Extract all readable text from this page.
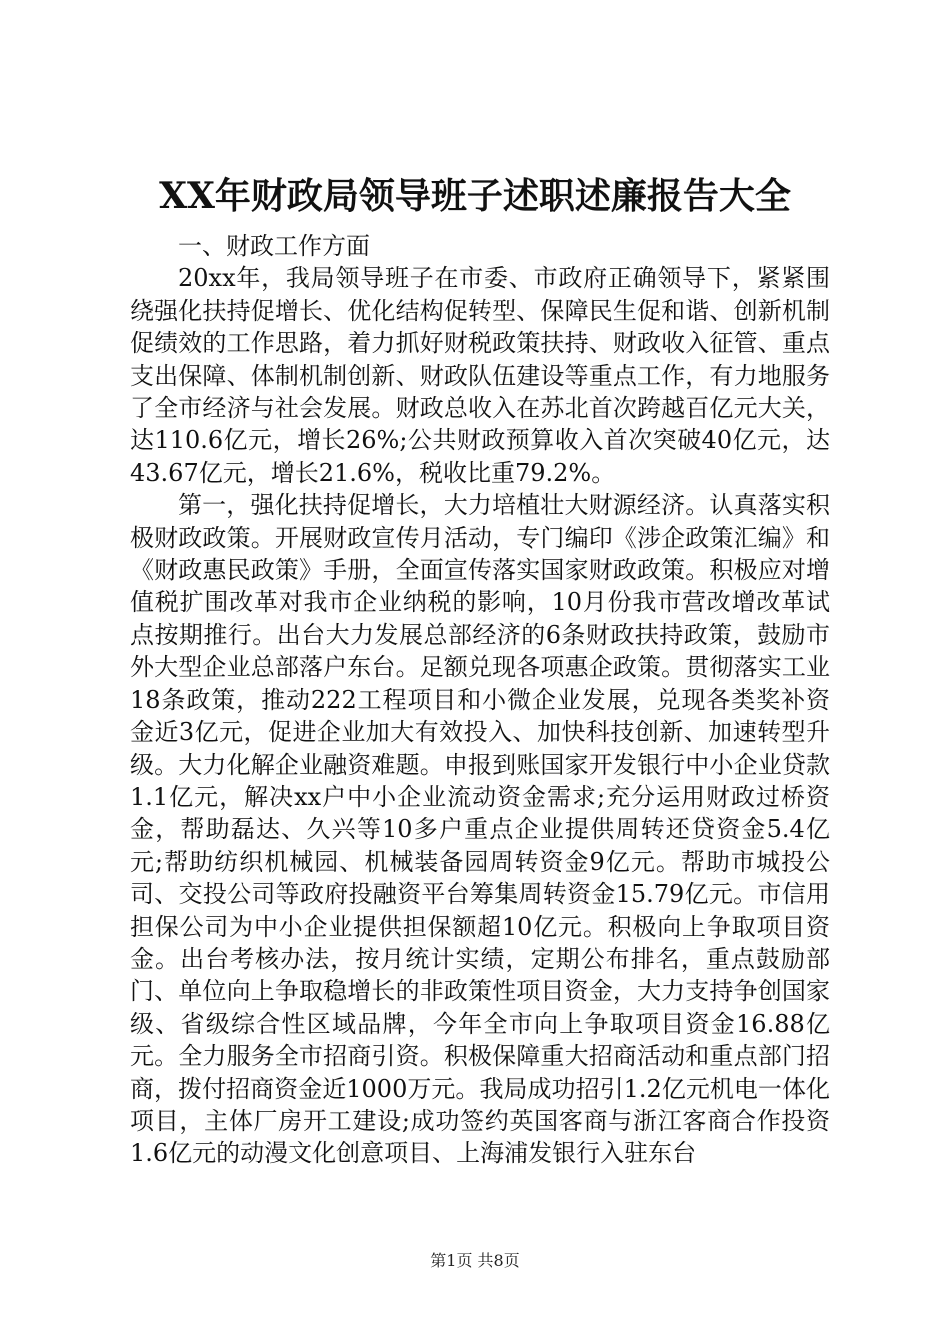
XX年财政局领导班子述职述廉报告大全

一、财政工作方面

20xx年，我局领导班子在市委、市政府正确领导下，紧紧围绕强化扶持促增长、优化结构促转型、保障民生促和谐、创新机制促绩效的工作思路，着力抓好财税政策扶持、财政收入征管、重点支出保障、体制机制创新、财政队伍建设等重点工作，有力地服务了全市经济与社会发展。财政总收入在苏北首次跨越百亿元大关，达110.6亿元，增长26%;公共财政预算收入首次突破40亿元，达43.67亿元，增长21.6%，税收比重79.2%。

第一，强化扶持促增长，大力培植壮大财源经济。认真落实积极财政政策。开展财政宣传月活动，专门编印《涉企政策汇编》和《财政惠民政策》手册，全面宣传落实国家财政政策。积极应对增值税扩围改革对我市企业纳税的影响，10月份我市营改增改革试点按期推行。出台大力发展总部经济的6条财政扶持政策，鼓励市外大型企业总部落户东台。足额兑现各项惠企政策。贯彻落实工业18条政策，推动222工程项目和小微企业发展，兑现各类奖补资金近3亿元，促进企业加大有效投入、加快科技创新、加速转型升级。大力化解企业融资难题。申报到账国家开发银行中小企业贷款1.1亿元，解决xx户中小企业流动资金需求;充分运用财政过桥资金，帮助磊达、久兴等10多户重点企业提供周转还贷资金5.4亿元;帮助纺织机械园、机械装备园周转资金9亿元。帮助市城投公司、交投公司等政府投融资平台筹集周转资金15.79亿元。市信用担保公司为中小企业提供担保额超10亿元。积极向上争取项目资金。出台考核办法，按月统计实绩，定期公布排名，重点鼓励部门、单位向上争取稳增长的非政策性项目资金，大力支持争创国家级、省级综合性区域品牌，今年全市向上争取项目资金16.88亿元。全力服务全市招商引资。积极保障重大招商活动和重点部门招商，拨付招商资金近1000万元。我局成功招引1.2亿元机电一体化项目，主体厂房开工建设;成功签约英国客商与浙江客商合作投资1.6亿元的动漫文化创意项目、上海浦发银行入驻东台

第1页 共8页
